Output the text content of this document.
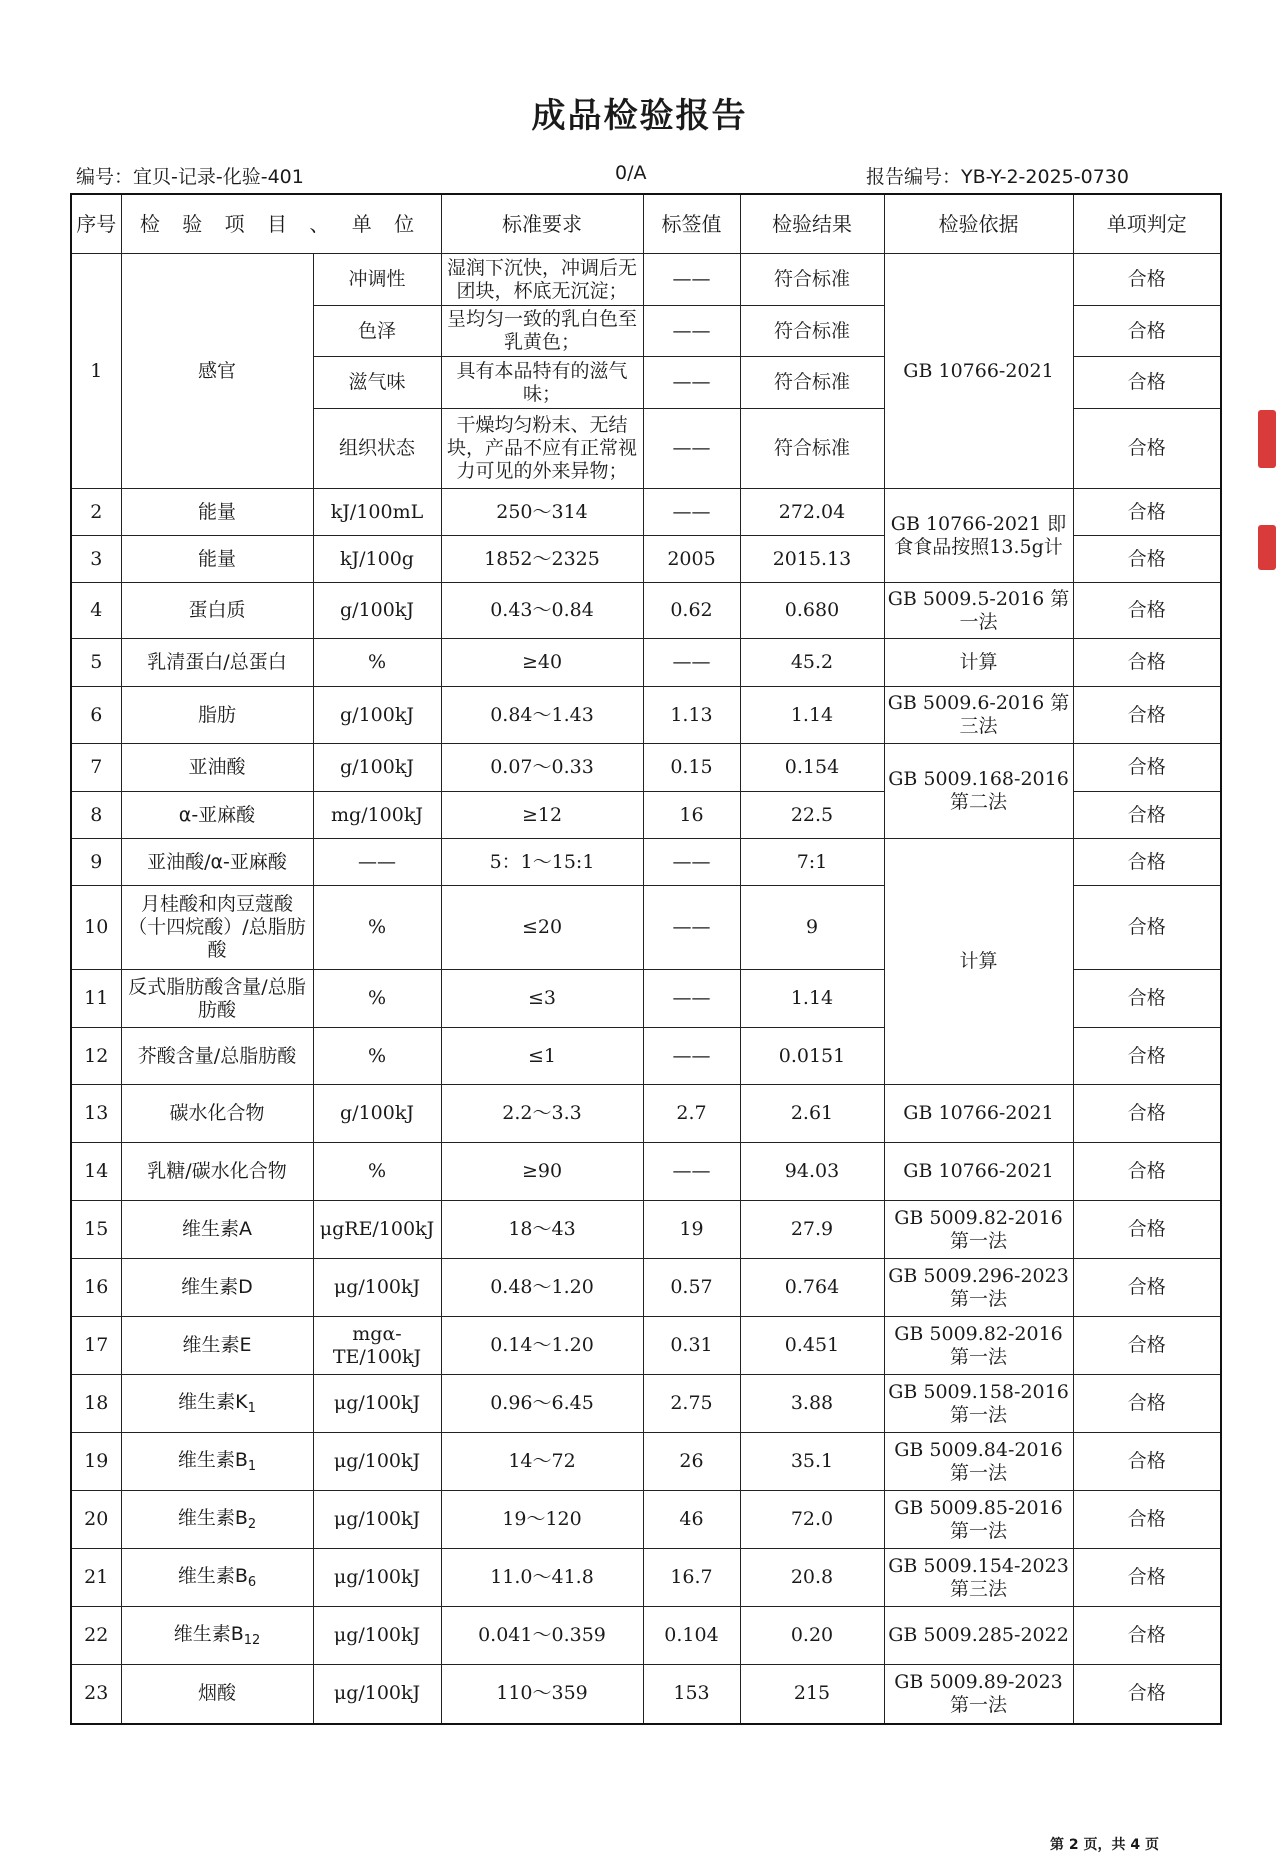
成品检验报告
编号：宜贝-记录-化验-401	0/A	报告编号：YB-Y-2-2025-0730
序号	检 验 项 目 、 单 位		标准要求	标签值	检验结果	检验依据	单项判定
1	感官	冲调性	湿润下沉快，冲调后无团块，杯底无沉淀；	——	符合标准	GB 10766-2021	合格
		色泽	呈均匀一致的乳白色至乳黄色；	——	符合标准		合格
		滋气味	具有本品特有的滋气味；	——	符合标准		合格
		组织状态	干燥均匀粉末、无结块，产品不应有正常视力可见的外来异物；	——	符合标准		合格
2	能量	kJ/100mL	250～314	——	272.04	GB 10766-2021 即食食品按照13.5g计	合格
3	能量	kJ/100g	1852～2325	2005	2015.13		合格
4	蛋白质	g/100kJ	0.43～0.84	0.62	0.680	GB 5009.5-2016 第一法	合格
5	乳清蛋白/总蛋白	%	≥40	——	45.2	计算	合格
6	脂肪	g/100kJ	0.84～1.43	1.13	1.14	GB 5009.6-2016 第三法	合格
7	亚油酸	g/100kJ	0.07～0.33	0.15	0.154	GB 5009.168-2016 第二法	合格
8	α-亚麻酸	mg/100kJ	≥12	16	22.5		合格
9	亚油酸/α-亚麻酸	——	5：1～15:1	——	7:1	计算	合格
10	月桂酸和肉豆蔻酸（十四烷酸）/总脂肪酸	%	≤20	——	9		合格
11	反式脂肪酸含量/总脂肪酸	%	≤3	——	1.14		合格
12	芥酸含量/总脂肪酸	%	≤1	——	0.0151		合格
13	碳水化合物	g/100kJ	2.2～3.3	2.7	2.61	GB 10766-2021	合格
14	乳糖/碳水化合物	%	≥90	——	94.03	GB 10766-2021	合格
15	维生素A	μgRE/100kJ	18～43	19	27.9	GB 5009.82-2016 第一法	合格
16	维生素D	μg/100kJ	0.48～1.20	0.57	0.764	GB 5009.296-2023 第一法	合格
17	维生素E	mgα-TE/100kJ	0.14～1.20	0.31	0.451	GB 5009.82-2016 第一法	合格
18	维生素$K_1$	μg/100kJ	0.96～6.45	2.75	3.88	GB 5009.158-2016 第一法	合格
19	维生素$B_1$	μg/100kJ	14～72	26	35.1	GB 5009.84-2016 第一法	合格
20	维生素$B_2$	μg/100kJ	19～120	46	72.0	GB 5009.85-2016 第一法	合格
21	维生素$B_6$	μg/100kJ	11.0～41.8	16.7	20.8	GB 5009.154-2023 第三法	合格
22	维生素$B_{12}$	μg/100kJ	0.041～0.359	0.104	0.20	GB 5009.285-2022	合格
23	烟酸	μg/100kJ	110～359	153	215	GB 5009.89-2023 第一法	合格
第 2 页，共 4 页
